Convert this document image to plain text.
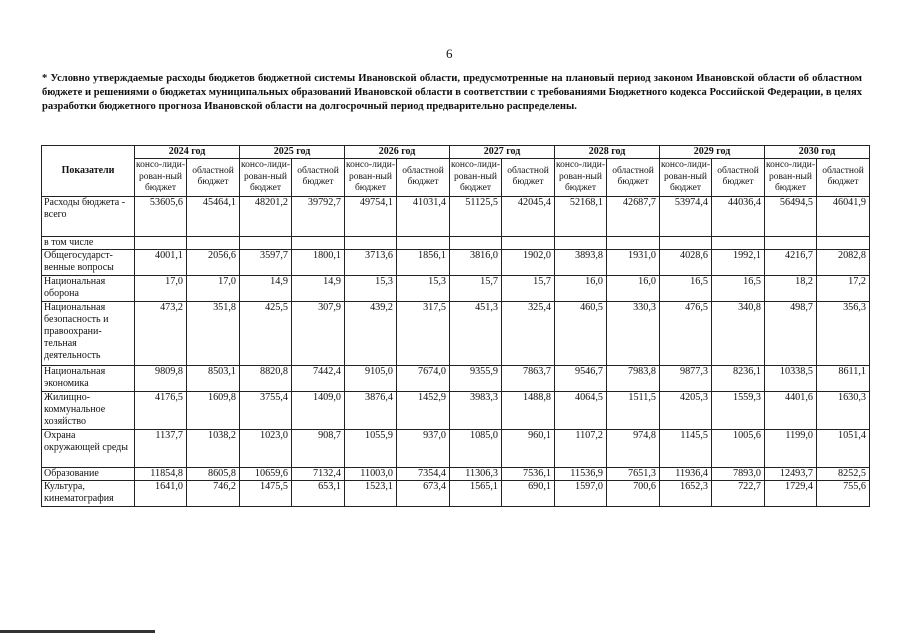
6
* Условно утверждаемые расходы бюджетов бюджетной системы Ивановской области, предусмотренные на плановый период законом Ивановской области об областном бюджете и решениями о бюджетах муниципальных образований Ивановской области в соответствии с требованиями Бюджетного кодекса Российской Федерации, в целях разработки бюджетного прогноза Ивановской области на долгосрочный период предварительно распределены.
Показатели	2024 год		2025 год		2026 год		2027 год		2028 год		2029 год		2030 год	
	консо-лиди-рован-ный бюджет	областной бюджет	консо-лиди-рован-ный бюджет	областной бюджет	консо-лиди-рован-ный бюджет	областной бюджет	консо-лиди-рован-ный бюджет	областной бюджет	консо-лиди-рован-ный бюджет	областной бюджет	консо-лиди-рован-ный бюджет	областной бюджет	консо-лиди-рован-ный бюджет	областной бюджет
Расходы бюджета - всего	53605,6	45464,1	48201,2	39792,7	49754,1	41031,4	51125,5	42045,4	52168,1	42687,7	53974,4	44036,4	56494,5	46041,9
в том числе														
Общегосударст-венные вопросы	4001,1	2056,6	3597,7	1800,1	3713,6	1856,1	3816,0	1902,0	3893,8	1931,0	4028,6	1992,1	4216,7	2082,8
Национальная оборона	17,0	17,0	14,9	14,9	15,3	15,3	15,7	15,7	16,0	16,0	16,5	16,5	18,2	17,2
Национальная безопасность и правоохрани-тельная деятельность	473,2	351,8	425,5	307,9	439,2	317,5	451,3	325,4	460,5	330,3	476,5	340,8	498,7	356,3
Национальная экономика	9809,8	8503,1	8820,8	7442,4	9105,0	7674,0	9355,9	7863,7	9546,7	7983,8	9877,3	8236,1	10338,5	8611,1
Жилищно-коммунальное хозяйство	4176,5	1609,8	3755,4	1409,0	3876,4	1452,9	3983,3	1488,8	4064,5	1511,5	4205,3	1559,3	4401,6	1630,3
Охрана окружающей среды	1137,7	1038,2	1023,0	908,7	1055,9	937,0	1085,0	960,1	1107,2	974,8	1145,5	1005,6	1199,0	1051,4
Образование	11854,8	8605,8	10659,6	7132,4	11003,0	7354,4	11306,3	7536,1	11536,9	7651,3	11936,4	7893,0	12493,7	8252,5
Культура, кинематография	1641,0	746,2	1475,5	653,1	1523,1	673,4	1565,1	690,1	1597,0	700,6	1652,3	722,7	1729,4	755,6
